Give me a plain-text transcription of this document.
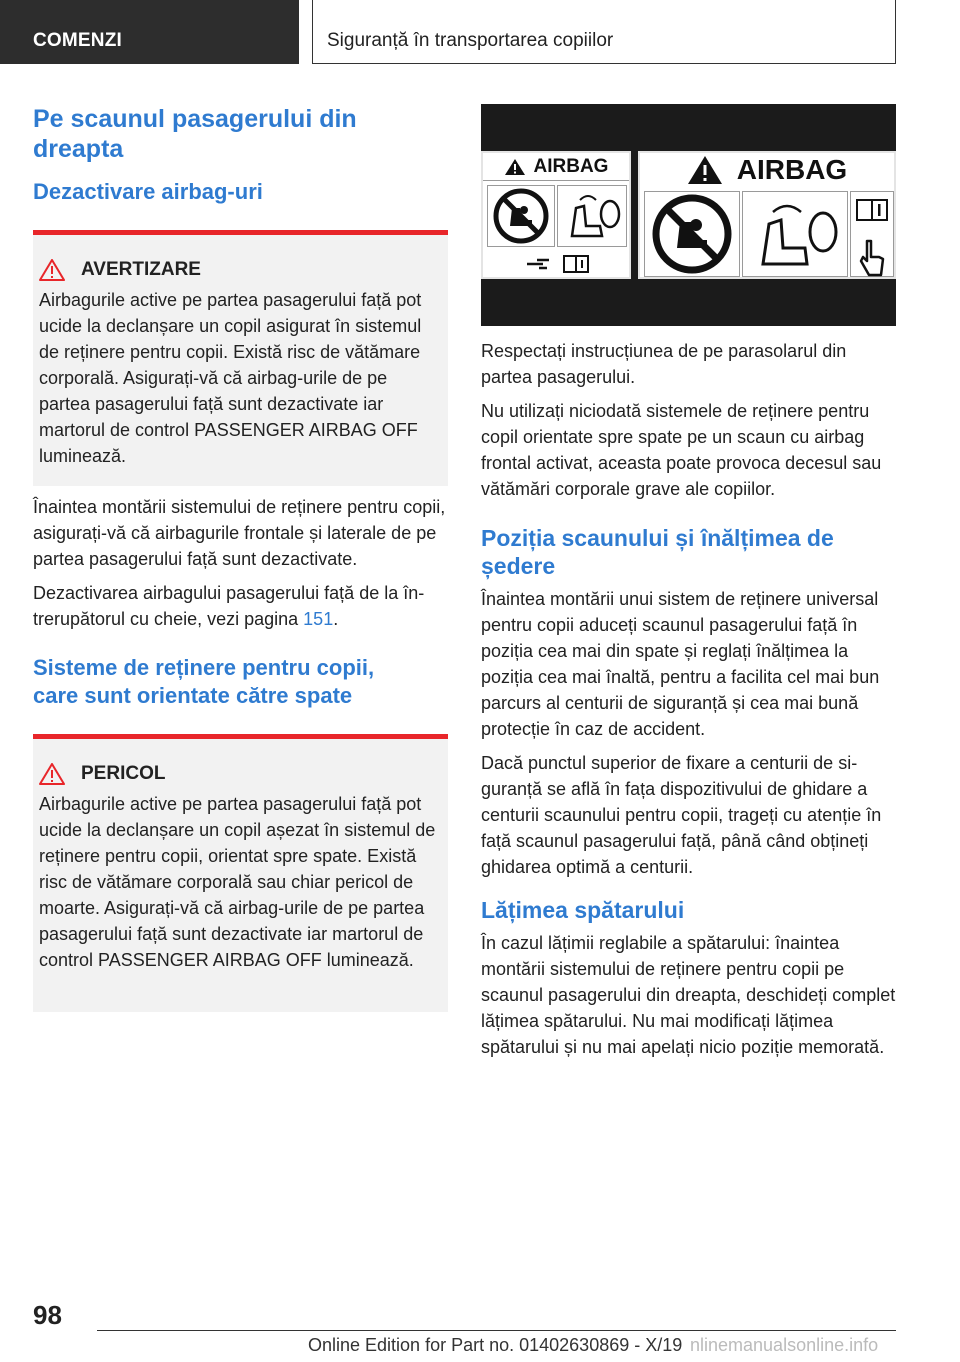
COMENZI	Siguranță în transportarea copiilor
Pe scaunul pasagerului din dreapta
Dezactivare airbag-uri
AVERTIZARE

Airbagurile active pe partea pasagerului față pot ucide la declanșare un copil asigurat în sistemul de reținere pentru copii. Există risc de vătămare corporală. Asigurați-vă că airbag-urile de pe partea pasagerului față sunt dezactivate iar martorul de control PASSENGER AIRBAG OFF luminează.

Înaintea montării sistemului de reținere pentru copii, asigurați-vă că airbagurile frontale și laterale de pe partea pasagerului față sunt dezactivate.

Dezactivarea airbagului pasagerului față de la întrerupătorul cu cheie, vezi pagina 151.

Sisteme de reținere pentru copii, care sunt orientate către spate
PERICOL

Airbagurile active pe partea pasagerului față pot ucide la declanșare un copil așezat în sistemul de reținere pentru copii, orientat spre spate. Există risc de vătămare corporală sau chiar pericol de moarte. Asigurați-vă că airbag-urile de pe partea pasagerului față sunt dezactivate iar martorul de control PASSENGER AIRBAG OFF luminează.

AIRBAG	AIRBAG

Respectați instrucțiunea de pe parasolarul din partea pasagerului.

Nu utilizați niciodată sistemele de reținere pentru copil orientate spre spate pe un scaun cu airbag frontal activat, aceasta poate provoca decesul sau vătămări corporale grave ale copiilor.

Poziția scaunului și înălțimea de ședere

Înaintea montării unui sistem de reținere universal pentru copii aduceți scaunul pasagerului față în poziția cea mai din spate și reglați înălțimea la poziția cea mai înaltă, pentru a facilita cel mai bun parcurs al centurii de siguranță și cea mai bună protecție în caz de accident.

Dacă punctul superior de fixare a centurii de siguranță se află în fața dispozitivului de ghidare a centurii scaunului pentru copii, trageți cu atenție în față scaunul pasagerului față, până când obțineți ghidarea optimă a centurii.

Lățimea spătarului

În cazul lățimii reglabile a spătarului: înaintea montării sistemului de reținere pentru copii pe scaunul pasagerului din dreapta, deschideți complet lățimea spătarului. Nu mai modificați lățimea spătarului și nu mai apelați nicio poziție memorată.

98
Online Edition for Part no. 01402630869 - X/19 nlinemanualsonline.info
